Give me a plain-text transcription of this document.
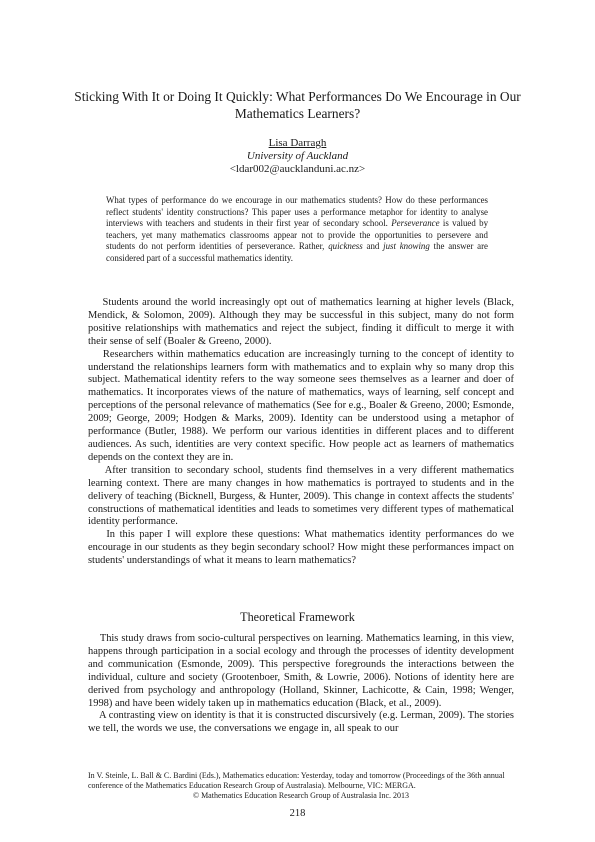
Sticking With It or Doing It Quickly: What Performances Do We Encourage in Our Mathematics Learners?
Lisa Darragh
University of Auckland
<ldar002@aucklanduni.ac.nz>
What types of performance do we encourage in our mathematics students? How do these performances reflect students' identity constructions? This paper uses a performance metaphor for identity to analyse interviews with teachers and students in their first year of secondary school. Perseverance is valued by teachers, yet many mathematics classrooms appear not to provide the opportunities to persevere and students do not perform identities of perseverance. Rather, quickness and just knowing the answer are considered part of a successful mathematics identity.

Students around the world increasingly opt out of mathematics learning at higher levels (Black, Mendick, & Solomon, 2009). Although they may be successful in this subject, many do not form positive relationships with mathematics and reject the subject, finding it difficult to merge it with their sense of self (Boaler & Greeno, 2000).

Researchers within mathematics education are increasingly turning to the concept of identity to understand the relationships learners form with mathematics and to explain why so many drop this subject. Mathematical identity refers to the way someone sees themselves as a learner and doer of mathematics. It incorporates views of the nature of mathematics, ways of learning, self concept and perceptions of the personal relevance of mathematics (See for e.g., Boaler & Greeno, 2000; Esmonde, 2009; George, 2009; Hodgen & Marks, 2009). Identity can be understood using a metaphor of performance (Butler, 1988). We perform our various identities in different places and to different audiences. As such, identities are very context specific. How people act as learners of mathematics depends on the context they are in.

After transition to secondary school, students find themselves in a very different mathematics learning context. There are many changes in how mathematics is portrayed to students and in the delivery of teaching (Bicknell, Burgess, & Hunter, 2009). This change in context affects the students' constructions of mathematical identities and leads to sometimes very different types of mathematical identity performance.

In this paper I will explore these questions: What mathematics identity performances do we encourage in our students as they begin secondary school? How might these performances impact on students' understandings of what it means to learn mathematics?

Theoretical Framework

This study draws from socio-cultural perspectives on learning. Mathematics learning, in this view, happens through participation in a social ecology and through the processes of identity development and communication (Esmonde, 2009). This perspective foregrounds the interactions between the individual, culture and society (Grootenboer, Smith, & Lowrie, 2006). Notions of identity here are derived from psychology and anthropology (Holland, Skinner, Lachicotte, & Cain, 1998; Wenger, 1998) and have been widely taken up in mathematics education (Black, et al., 2009).

A contrasting view on identity is that it is constructed discursively (e.g. Lerman, 2009). The stories we tell, the words we use, the conversations we engage in, all speak to our

In V. Steinle, L. Ball & C. Bardini (Eds.), Mathematics education: Yesterday, today and tomorrow (Proceedings of the 36th annual conference of the Mathematics Education Research Group of Australasia). Melbourne, VIC: MERGA.
© Mathematics Education Research Group of Australasia Inc. 2013
218
